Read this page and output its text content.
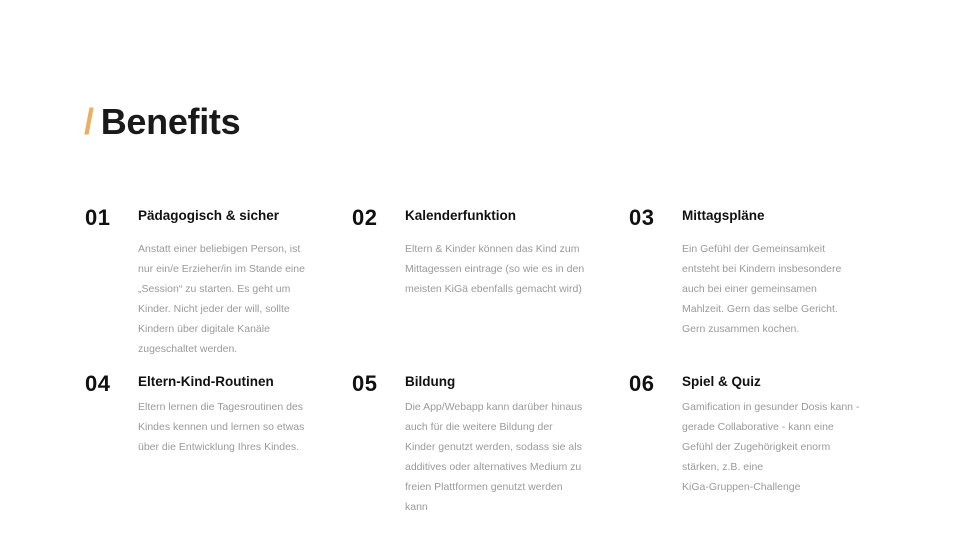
/ Benefits
01 Pädagogisch & sicher
Anstatt einer beliebigen Person, ist
nur ein/e Erzieher/in im Stande eine
„Session“ zu starten. Es geht um
Kinder. Nicht jeder der will, sollte
Kindern über digitale Kanäle
zugeschaltet werden.
02 Kalenderfunktion
Eltern & Kinder können das Kind zum
Mittagessen eintrage (so wie es in den
meisten KiGä ebenfalls gemacht wird)
03 Mittagspläne
Ein Gefühl der Gemeinsamkeit
entsteht bei Kindern insbesondere
auch bei einer gemeinsamen
Mahlzeit. Gern das selbe Gericht.
Gern zusammen kochen.
04 Eltern-Kind-Routinen
Eltern lernen die Tagesroutinen des
Kindes kennen und lernen so etwas
über die Entwicklung Ihres Kindes.
05 Bildung
Die App/Webapp kann darüber hinaus
auch für die weitere Bildung der
Kinder genutzt werden, sodass sie als
additives oder alternatives Medium zu
freien Plattformen genutzt werden
kann
06 Spiel & Quiz
Gamification in gesunder Dosis kann -
gerade Collaborative - kann eine
Gefühl der Zugehörigkeit enorm
stärken, z.B. eine
KiGa-Gruppen-Challenge
